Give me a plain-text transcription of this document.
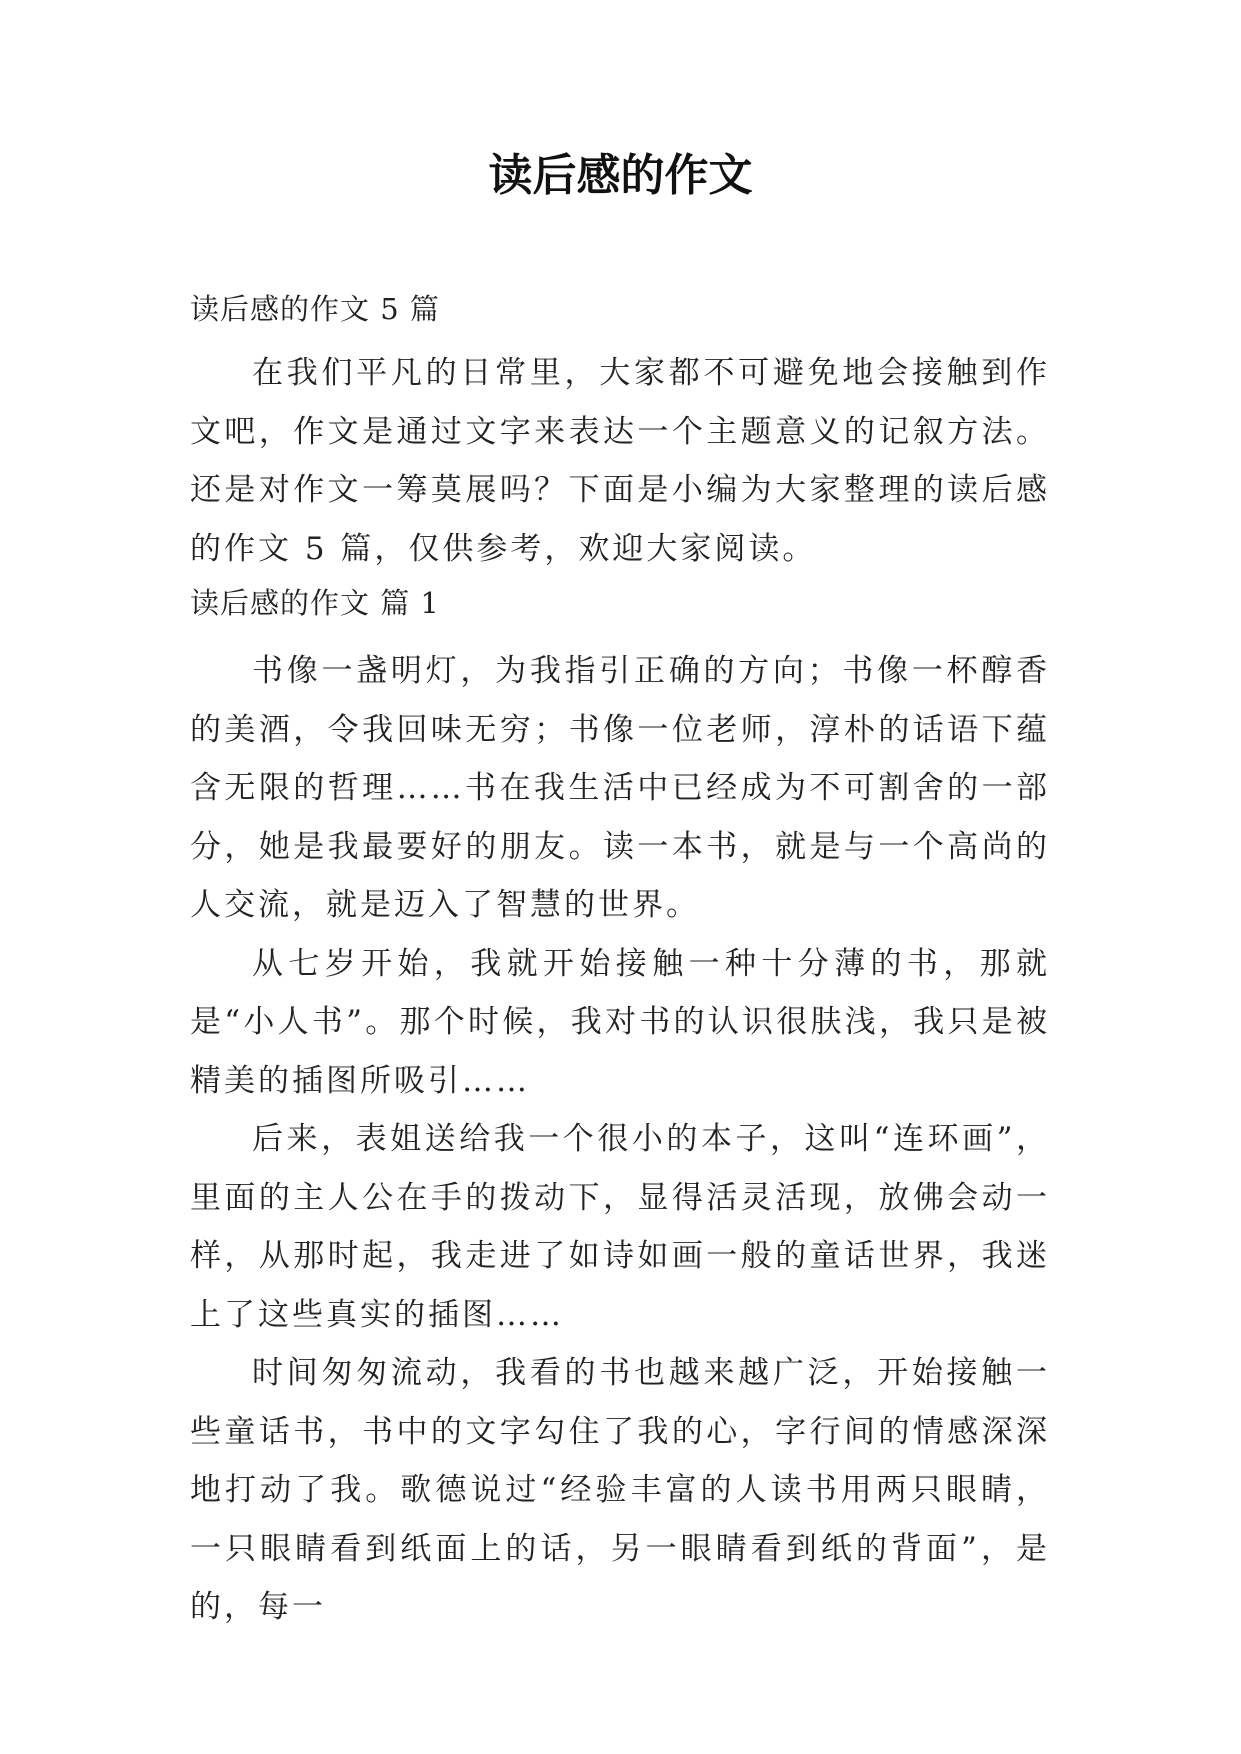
读后感的作文

读后感的作文 5 篇

在我们平凡的日常里，大家都不可避免地会接触到作文吧，作文是通过文字来表达一个主题意义的记叙方法。还是对作文一筹莫展吗？下面是小编为大家整理的读后感的作文 5 篇，仅供参考，欢迎大家阅读。

读后感的作文 篇 1

书像一盏明灯，为我指引正确的方向；书像一杯醇香的美酒，令我回味无穷；书像一位老师，淳朴的话语下蕴含无限的哲理……书在我生活中已经成为不可割舍的一部分，她是我最要好的朋友。读一本书，就是与一个高尚的人交流，就是迈入了智慧的世界。

从七岁开始，我就开始接触一种十分薄的书，那就是“小人书”。那个时候，我对书的认识很肤浅，我只是被精美的插图所吸引……

后来，表姐送给我一个很小的本子，这叫“连环画”，里面的主人公在手的拨动下，显得活灵活现，放佛会动一样，从那时起，我走进了如诗如画一般的童话世界，我迷上了这些真实的插图……

时间匆匆流动，我看的书也越来越广泛，开始接触一些童话书，书中的文字勾住了我的心，字行间的情感深深地打动了我。歌德说过“经验丰富的人读书用两只眼睛，一只眼睛看到纸面上的话，另一眼睛看到纸的背面”，是的，每一
